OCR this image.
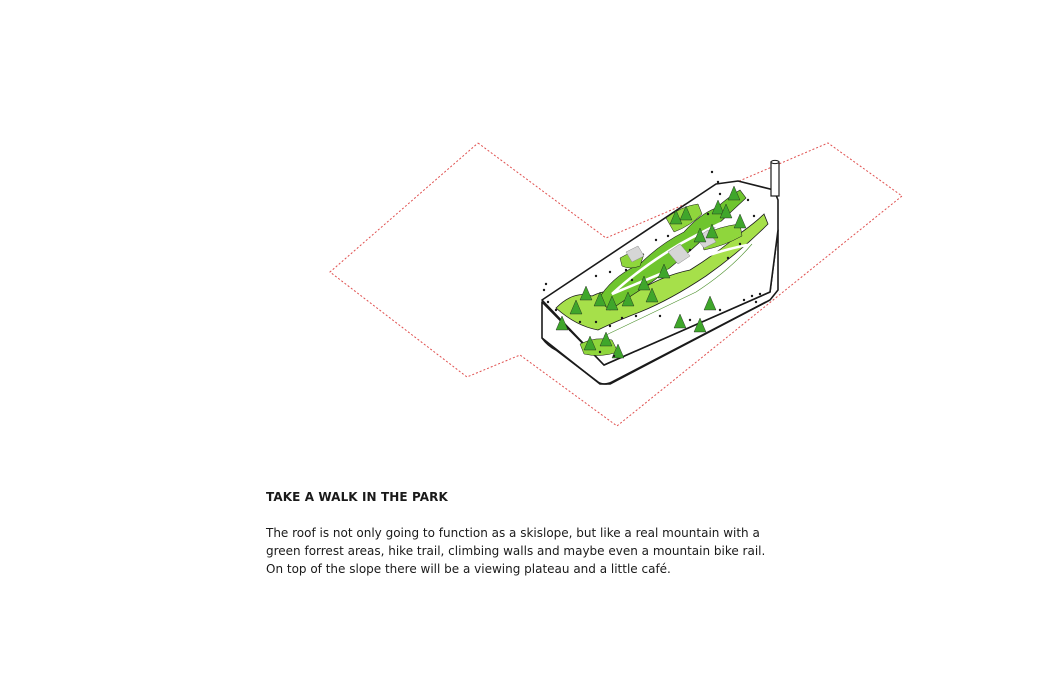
TAKE A WALK IN THE PARK

The roof is not only going to function as a skislope, but like a real mountain with a
green forrest areas, hike trail, climbing walls and maybe even a mountain bike rail.
On top of the slope there will be a viewing plateau and a little café.
